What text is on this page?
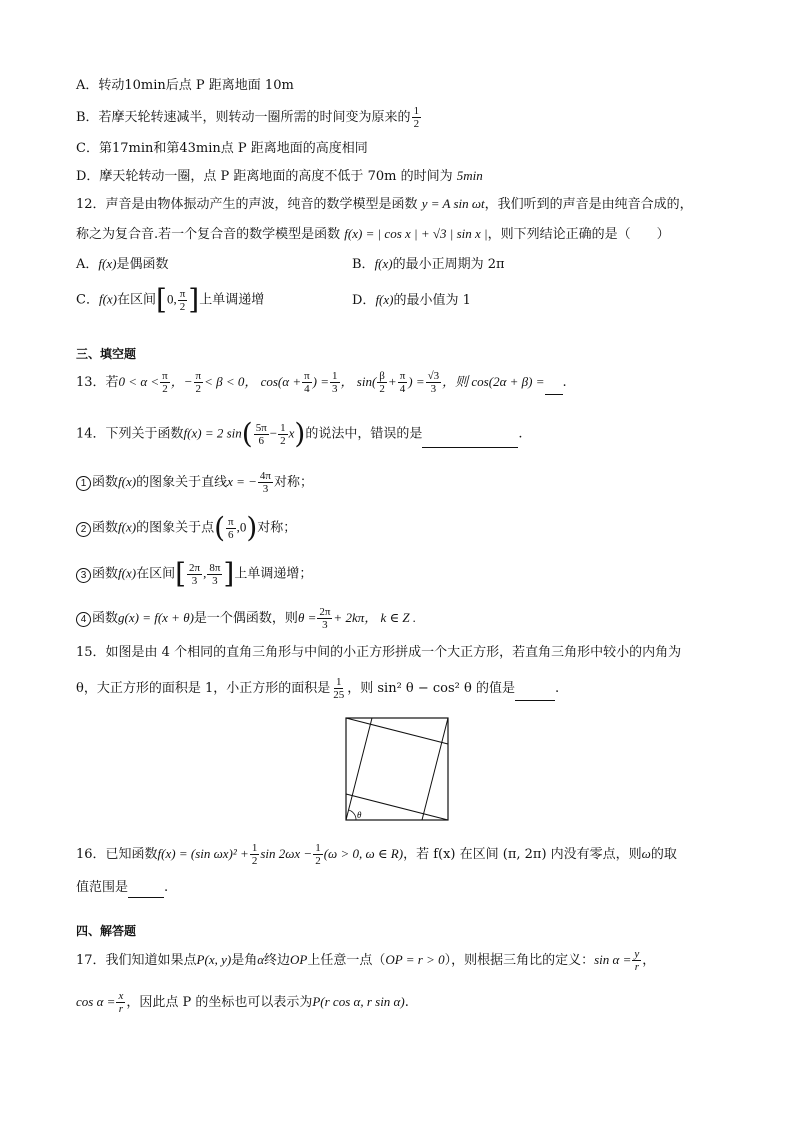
A．转动10min后点 P 距离地面 10m
B．若摩天轮转速减半，则转动一圈所需的时间变为原来的 $\frac{1}{2}$
C．第17min和第43min点 P 距离地面的高度相同
D．摩天轮转动一圈，点 P 距离地面的高度不低于 70m 的时间为 5min
12．声音是由物体振动产生的声波，纯音的数学模型是函数 y = A sin ωt，我们听到的声音是由纯音合成的，
称之为复合音.若一个复合音的数学模型是函数 f(x) = | cos x | + √3 | sin x |，则下列结论正确的是（　　）
A．f(x)是偶函数	B．f(x)的最小正周期为 2π
C．f(x)在区间[0, $\frac{\pi}{2}$ ]上单调递增	D．f(x)的最小值为 1
三、填空题
13．若$0 < \alpha < \frac{\pi}{2}$ ，− $\frac{\pi}{2} < \beta < 0$， $\cos(\alpha + \frac{\pi}{4}$ ) = $\frac{1}{3}$ ， $\sin( \frac{\beta}{2} + \frac{\pi}{4}$ ) = $\frac{√3}{3}$ ，则 cos(2α + β) = .
14．下列关于函数f(x) = 2 $\sin( \frac{5\pi}{6} - \frac{1}{2} x)$的说法中，错误的是	.
1 函数f(x)的图象关于直线x = − $\frac{4\pi}{3}$ 对称；
2 函数f(x)的图象关于点( $\frac{\pi}{6} ,0$)对称；
3 函数f(x)在区间[ $\frac{2\pi}{3}$ , $\frac{8\pi}{3}$ ]上单调递增；
4 函数g(x) = f(x + θ)是一个偶函数，则$\theta = \frac{2\pi}{3} + 2k\pi$， k ∈ Z .
15．如图是由 4 个相同的直角三角形与中间的小正方形拼成一个大正方形，若直角三角形中较小的内角为
θ，大正方形的面积是 1，小正方形的面积是 $\frac{1}{25}$ ，则 sin² θ − cos² θ 的值是	.
θ
16．已知函数f(x) = (sin $\omega x)^2 + \frac{1}{2}$ $\sin 2\omega x - \frac{1}{2} (\omega > 0$, ω ∈ R)，若 f(x) 在区间 (π, 2π) 内没有零点，则ω的取
值范围是	.
四、解答题
17．我们知道如果点P(x, y)是角α终边OP上任意一点（OP = r > 0），则根据三角比的定义：$\sin \alpha = \frac{y}{r}$ ，
$\cos \alpha = \frac{x}{r}$ ，因此点 P 的坐标也可以表示为P(r cos α, r sin α).
